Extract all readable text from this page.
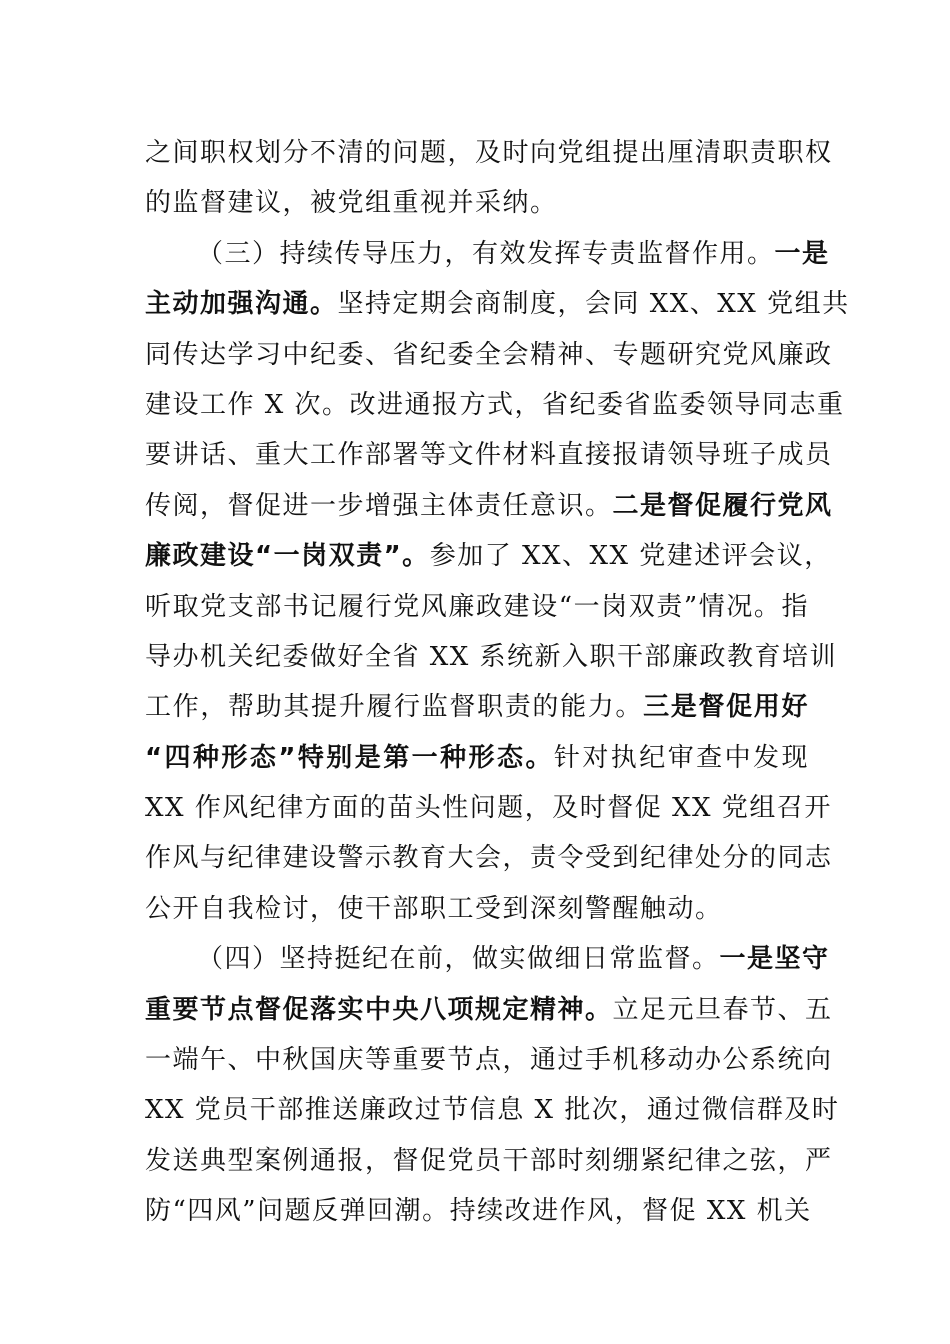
之间职权划分不清的问题，及时向党组提出厘清职责职权
的监督建议，被党组重视并采纳。
（三）持续传导压力，有效发挥专责监督作用。一是
主动加强沟通。坚持定期会商制度，会同 XX、XX 党组共
同传达学习中纪委、省纪委全会精神、专题研究党风廉政
建设工作 X 次。改进通报方式，省纪委省监委领导同志重
要讲话、重大工作部署等文件材料直接报请领导班子成员
传阅，督促进一步增强主体责任意识。二是督促履行党风
廉政建设“一岗双责”。参加了 XX、XX 党建述评会议，
听取党支部书记履行党风廉政建设“一岗双责”情况。指
导办机关纪委做好全省 XX 系统新入职干部廉政教育培训
工作，帮助其提升履行监督职责的能力。三是督促用好
“四种形态”特别是第一种形态。针对执纪审查中发现
XX 作风纪律方面的苗头性问题，及时督促 XX 党组召开
作风与纪律建设警示教育大会，责令受到纪律处分的同志
公开自我检讨，使干部职工受到深刻警醒触动。
（四）坚持挺纪在前，做实做细日常监督。一是坚守
重要节点督促落实中央八项规定精神。立足元旦春节、五
一端午、中秋国庆等重要节点，通过手机移动办公系统向
XX 党员干部推送廉政过节信息 X 批次，通过微信群及时
发送典型案例通报，督促党员干部时刻绷紧纪律之弦，严
防“四风”问题反弹回潮。持续改进作风，督促 XX 机关
